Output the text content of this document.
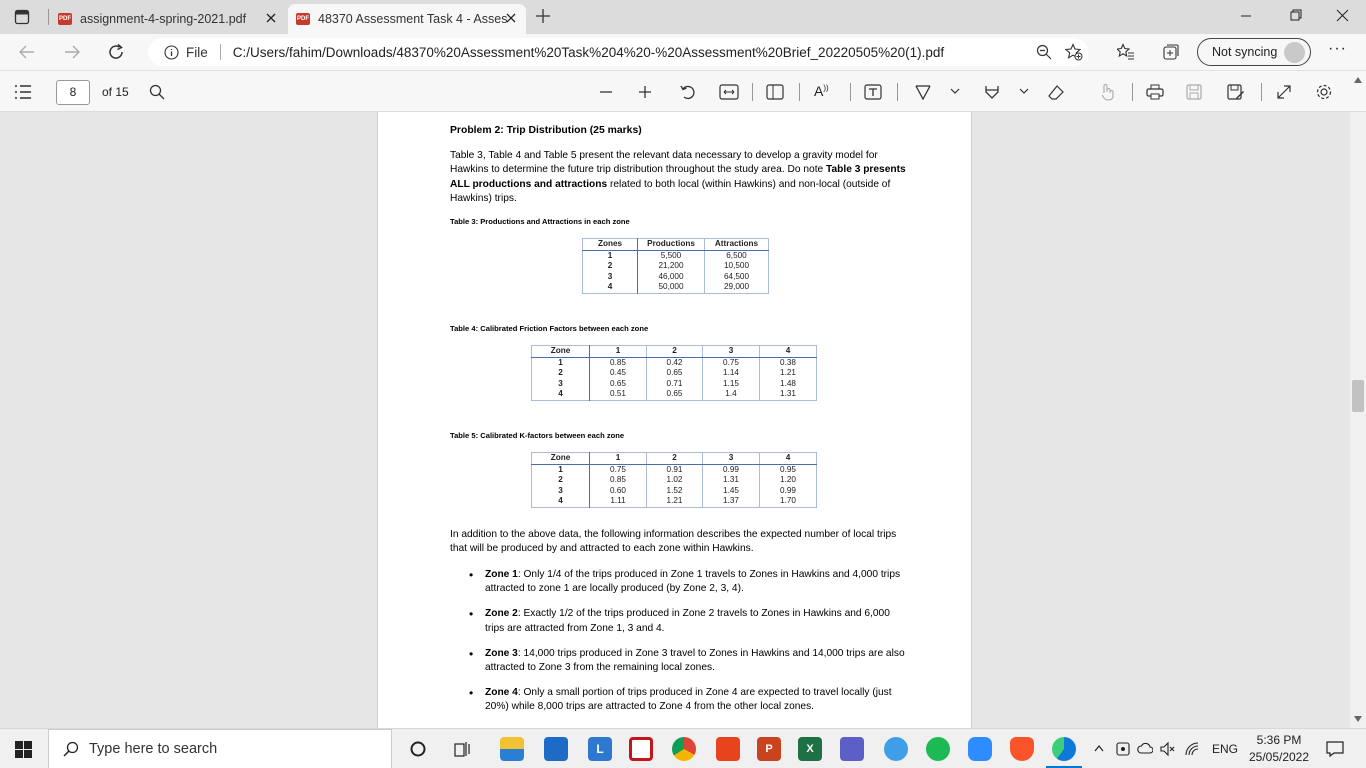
PDF assignment-4-spring-2021.pdf	PDF 48370 Assessment Task 4 - Asses
File C:/Users/fahim/Downloads/48370%20Assessment%20Task%204%20-%20Assessment%20Brief_20220505%20(1).pdf	Not syncing	···
8	of 15	A))
Problem 2: Trip Distribution (25 marks)
Table 3, Table 4 and Table 5 present the relevant data necessary to develop a gravity model for Hawkins to determine the future trip distribution throughout the study area. Do note Table 3 presents ALL productions and attractions related to both local (within Hawkins) and non-local (outside of Hawkins) trips.
Table 3: Productions and Attractions in each zone
Zones	Productions	Attractions
1	5,500	6,500
2	21,200	10,500
3	46,000	64,500
4	50,000	29,000
Table 4: Calibrated Friction Factors between each zone
Zone	1	2	3	4
1	0.85	0.42	0.75	0.38
2	0.45	0.65	1.14	1.21
3	0.65	0.71	1.15	1.48
4	0.51	0.65	1.4	1.31
Table 5: Calibrated K-factors between each zone
Zone	1	2	3	4
1	0.75	0.91	0.99	0.95
2	0.85	1.02	1.31	1.20
3	0.60	1.52	1.45	0.99
4	1.11	1.21	1.37	1.70
In addition to the above data, the following information describes the expected number of local trips that will be produced by and attracted to each zone within Hawkins.
• Zone 1: Only 1/4 of the trips produced in Zone 1 travels to Zones in Hawkins and 4,000 trips attracted to zone 1 are locally produced (by Zone 2, 3, 4).
• Zone 2: Exactly 1/2 of the trips produced in Zone 2 travels to Zones in Hawkins and 6,000 trips are attracted from Zone 1, 3 and 4.
• Zone 3: 14,000 trips produced in Zone 3 travel to Zones in Hawkins and 14,000 trips are also attracted to Zone 3 from the remaining local zones.
• Zone 4: Only a small portion of trips produced in Zone 4 are expected to travel locally (just 20%) while 8,000 trips are attracted to Zone 4 from the other local zones.
Type here to search	L	P	X	ENG
5:36 PM
25/05/2022
